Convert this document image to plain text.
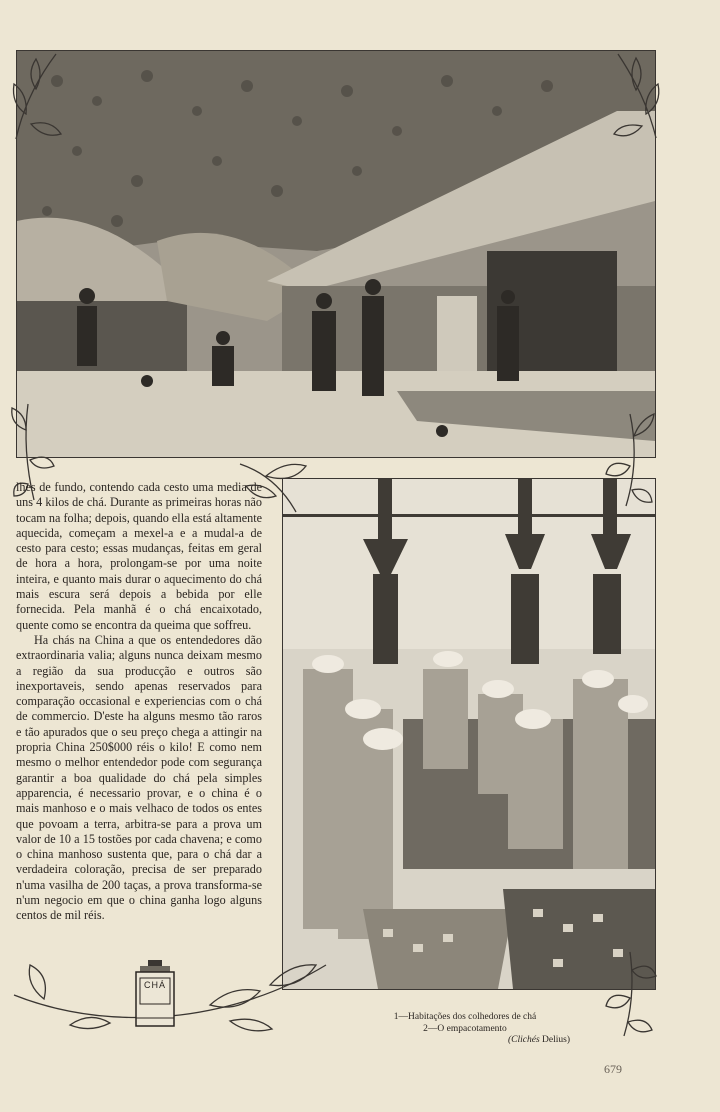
CHÁ

lhes de fundo, contendo cada cesto uma media de uns 4 kilos de chá. Durante as primeiras horas não tocam na folha; depois, quando ella está altamente aquecida, começam a mexel-a e a mudal-a de cesto para cesto; essas mudanças, feitas em geral de hora a hora, prolongam-se por uma noite inteira, e quanto mais durar o aquecimento do chá mais escura será depois a bebida por elle fornecida. Pela manhã é o chá encaixotado, quente como se encontra da queima que soffreu.

Ha chás na China a que os entendedores dão extraordinaria valia; alguns nunca deixam mesmo a região da sua producção e outros são inexportaveis, sendo apenas reservados para comparação occasional e experiencias com o chá de commercio. D'este ha alguns mesmo tão raros e tão apurados que o seu preço chega a attingir na propria China 250$000 réis o kilo! E como nem mesmo o melhor entendedor pode com segurança garantir a boa qualidade do chá pela simples apparencia, é necessario provar, e o china é o mais manhoso e o mais velhaco de todos os entes que povoam a terra, arbitra-se para a prova um valor de 10 a 15 tostões por cada chavena; e como o china manhoso sustenta que, para o chá dar a verdadeira coloração, precisa de ser preparado n'uma vasilha de 200 taças, a prova transforma-se n'um negocio em que o china ganha logo alguns centos de mil réis.

1—Habitações dos colhedores de chá
2—O empacotamento
(Clichés Delius)
679
